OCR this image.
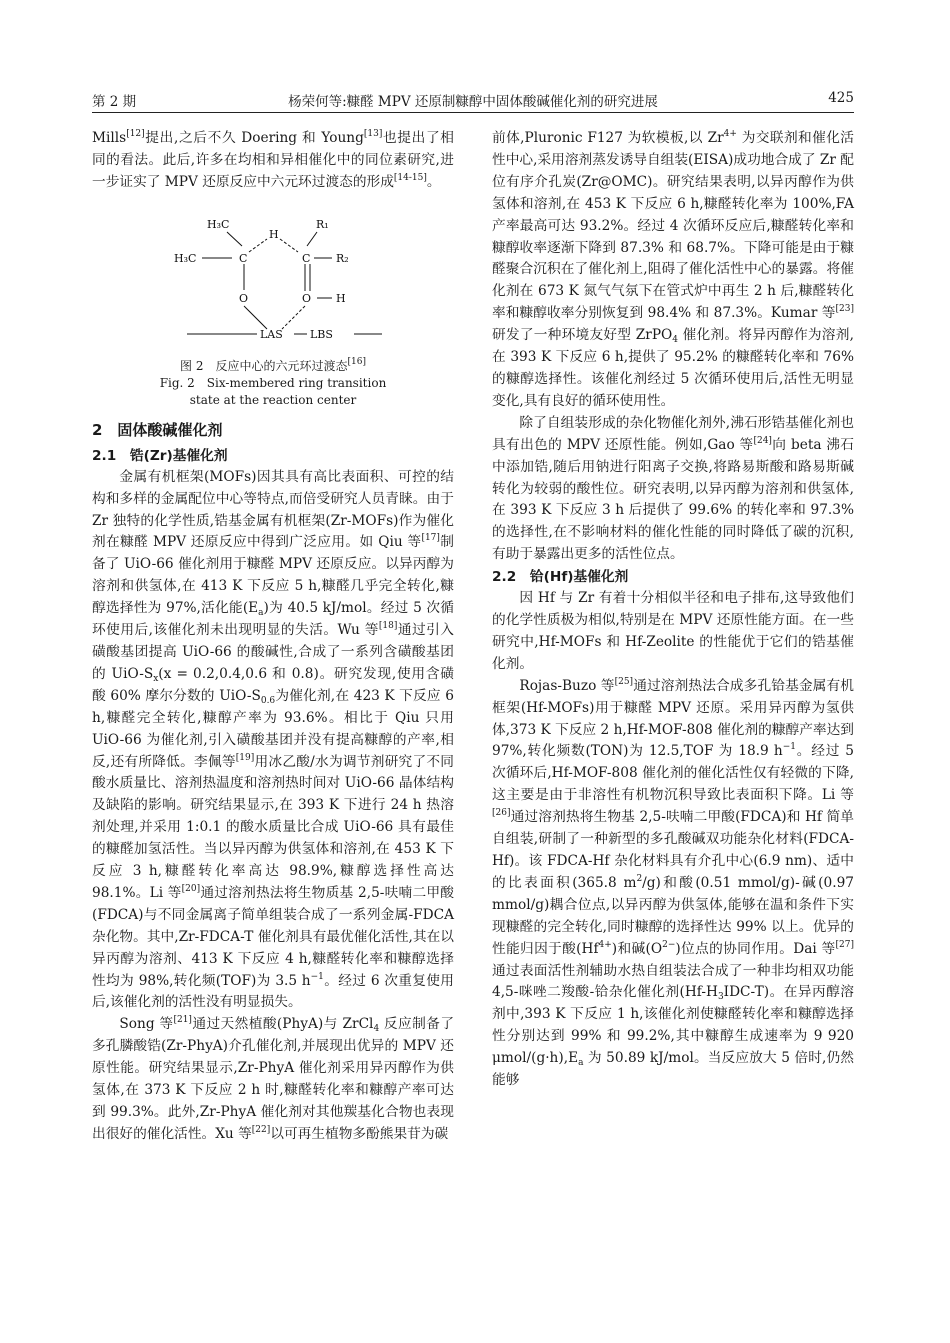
第 2 期	杨荣何等:糠醛 MPV 还原制糠醇中固体酸碱催化剂的研究进展	425

Mills[12]提出,之后不久 Doering 和 Young[13]也提出了相同的看法。此后,许多在均相和异相催化中的同位素研究,进一步证实了 MPV 还原反应中六元环过渡态的形成[14-15]。

H₃C
H₃C	C
H
R₁
R₂
C
O	O H
LAS LBS
图 2　反应中心的六元环过渡态[16]
Fig. 2　Six-membered ring transition
state at the reaction center
2　固体酸碱催化剂
2.1　锆(Zr)基催化剂

金属有机框架(MOFs)因其具有高比表面积、可控的结构和多样的金属配位中心等特点,而倍受研究人员青睐。由于 Zr 独特的化学性质,锆基金属有机框架(Zr-MOFs)作为催化剂在糠醛 MPV 还原反应中得到广泛应用。如 Qiu 等[17]制备了 UiO-66 催化剂用于糠醛 MPV 还原反应。以异丙醇为溶剂和供氢体,在 413 K 下反应 5 h,糠醛几乎完全转化,糠醇选择性为 97%,活化能$(E_a)$为 40.5 kJ/mol。经过 5 次循环使用后,该催化剂未出现明显的失活。Wu 等[18]通过引入磺酸基团提高 UiO-66 的酸碱性,合成了一系列含磺酸基团的 UiO-$S_x(x = 0.2,0.4,0.6$ 和 0.8)。研究发现,使用含磺酸 60% 摩尔分数的 UiO-$S_{0.6}$为催化剂,在 423 K 下反应 6 h,糠醛完全转化,糠醇产率为 93.6%。相比于 Qiu 只用 UiO-66 为催化剂,引入磺酸基团并没有提高糠醇的产率,相反,还有所降低。李佩等[19]用冰乙酸/水为调节剂研究了不同酸水质量比、溶剂热温度和溶剂热时间对 UiO-66 晶体结构及缺陷的影响。研究结果显示,在 393 K 下进行 24 h 热溶剂处理,并采用 1:0.1 的酸水质量比合成 UiO-66 具有最佳的糠醛加氢活性。当以异丙醇为供氢体和溶剂,在 453 K 下反应 3 h,糠醛转化率高达 98.9%,糠醇选择性高达 98.1%。Li 等[20]通过溶剂热法将生物质基 2,5-呋喃二甲酸(FDCA)与不同金属离子简单组装合成了一系列金属-FDCA 杂化物。其中,Zr-FDCA-T 催化剂具有最优催化活性,其在以异丙醇为溶剂、413 K 下反应 4 h,糠醛转化率和糠醇选择性均为 98%,转化频(TOF)为 3.5 $h^{-1}$。经过 6 次重复使用后,该催化剂的活性没有明显损失。

Song 等[21]通过天然植酸(PhyA)与 ZrCl$_4$ 反应制备了多孔膦酸锆(Zr-PhyA)介孔催化剂,并展现出优异的 MPV 还原性能。研究结果显示,Zr-PhyA 催化剂采用异丙醇作为供氢体,在 373 K 下反应 2 h 时,糠醛转化率和糠醇产率可达到 99.3%。此外,Zr-PhyA 催化剂对其他羰基化合物也表现出很好的催化活性。Xu 等[22]以可再生植物多酚熊果苷为碳

前体,Pluronic F127 为软模板,以 $Zr^{4+}$ 为交联剂和催化活性中心,采用溶剂蒸发诱导自组装(EISA)成功地合成了 Zr 配位有序介孔炭(Zr@OMC)。研究结果表明,以异丙醇作为供氢体和溶剂,在 453 K 下反应 6 h,糠醛转化率为 100%,FA 产率最高可达 93.2%。经过 4 次循环反应后,糠醛转化率和糠醇收率逐渐下降到 87.3% 和 68.7%。下降可能是由于糠醛聚合沉积在了催化剂上,阻碍了催化活性中心的暴露。将催化剂在 673 K 氮气气氛下在管式炉中再生 2 h 后,糠醛转化率和糠醇收率分别恢复到 98.4% 和 87.3%。Kumar 等[23]研发了一种环境友好型 ZrPO$_4$ 催化剂。将异丙醇作为溶剂,在 393 K 下反应 6 h,提供了 95.2% 的糠醛转化率和 76% 的糠醇选择性。该催化剂经过 5 次循环使用后,活性无明显变化,具有良好的循环使用性。

除了自组装形成的杂化物催化剂外,沸石形锆基催化剂也具有出色的 MPV 还原性能。例如,Gao 等[24]向 beta 沸石中添加锆,随后用钠进行阳离子交换,将路易斯酸和路易斯碱转化为较弱的酸性位。研究表明,以异丙醇为溶剂和供氢体,在 393 K 下反应 3 h 后提供了 99.6% 的转化率和 97.3% 的选择性,在不影响材料的催化性能的同时降低了碳的沉积,有助于暴露出更多的活性位点。

2.2　铪(Hf)基催化剂

因 Hf 与 Zr 有着十分相似半径和电子排布,这导致他们的化学性质极为相似,特别是在 MPV 还原性能方面。在一些研究中,Hf-MOFs 和 Hf-Zeolite 的性能优于它们的锆基催化剂。

Rojas-Buzo 等[25]通过溶剂热法合成多孔铪基金属有机框架(Hf-MOFs)用于糠醛 MPV 还原。采用异丙醇为氢供体,373 K 下反应 2 h,Hf-MOF-808 催化剂的糠醇产率达到 97%,转化频数(TON)为 12.5,TOF 为 18.9 $h^{-1}$。经过 5 次循环后,Hf-MOF-808 催化剂的催化活性仅有轻微的下降,这主要是由于非溶性有机物沉积导致比表面积下降。Li 等[26]通过溶剂热将生物基 2,5-呋喃二甲酸(FDCA)和 Hf 简单自组装,研制了一种新型的多孔酸碱双功能杂化材料(FDCA-Hf)。该 FDCA-Hf 杂化材料具有介孔中心(6.9 nm)、适中的比表面积(365.8 $m^2/g$)和酸(0.51 mmol/g)-碱(0.97 mmol/g)耦合位点,以异丙醇为供氢体,能够在温和条件下实现糠醛的完全转化,同时糠醇的选择性达 99% 以上。优异的性能归因于酸$(Hf^{4+})$和碱$(O^{2-})$位点的协同作用。Dai 等[27]通过表面活性剂辅助水热自组装法合成了一种非均相双功能 4,5-咪唑二羧酸-铪杂化催化剂$(Hf-H_3IDC-T)$。在异丙醇溶剂中,393 K 下反应 1 h,该催化剂使糠醛转化率和糠醇选择性分别达到 99% 和 99.2%,其中糠醇生成速率为 9 920 μmol/$(g\cdot h),E_a$ 为 50.89 kJ/mol。当反应放大 5 倍时,仍然能够
